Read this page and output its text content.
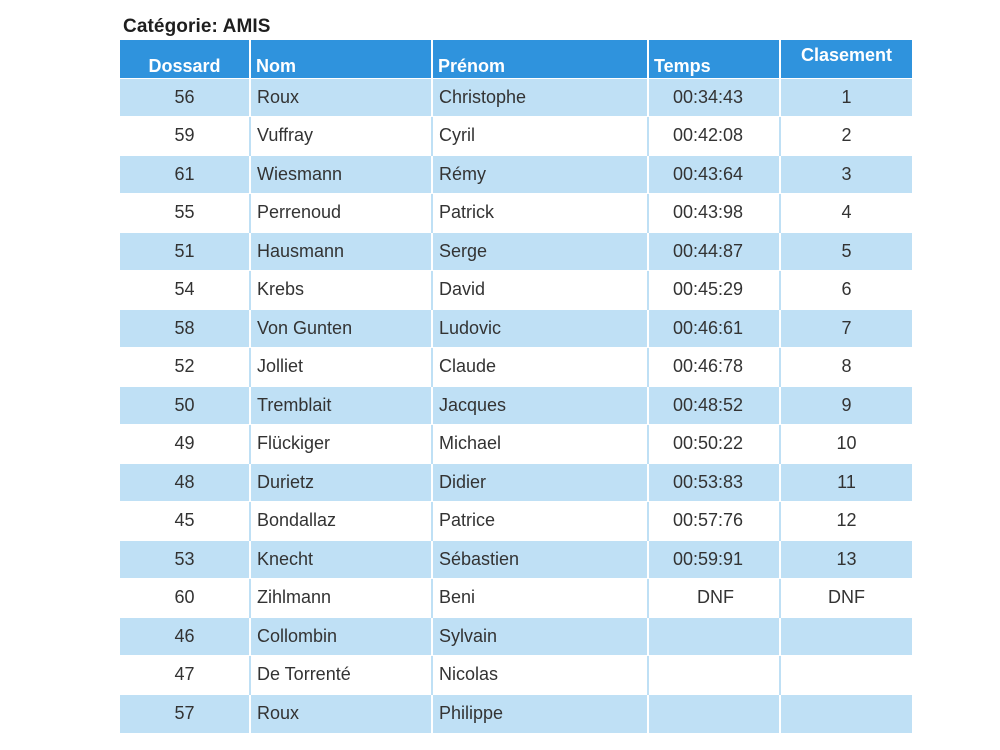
Catégorie: AMIS
Dossard	Nom	Prénom	Temps	Clasement
56	Roux	Christophe	00:34:43	1
59	Vuffray	Cyril	00:42:08	2
61	Wiesmann	Rémy	00:43:64	3
55	Perrenoud	Patrick	00:43:98	4
51	Hausmann	Serge	00:44:87	5
54	Krebs	David	00:45:29	6
58	Von Gunten	Ludovic	00:46:61	7
52	Jolliet	Claude	00:46:78	8
50	Tremblait	Jacques	00:48:52	9
49	Flückiger	Michael	00:50:22	10
48	Durietz	Didier	00:53:83	11
45	Bondallaz	Patrice	00:57:76	12
53	Knecht	Sébastien	00:59:91	13
60	Zihlmann	Beni	DNF	DNF
46	Collombin	Sylvain		
47	De Torrenté	Nicolas		
57	Roux	Philippe		
